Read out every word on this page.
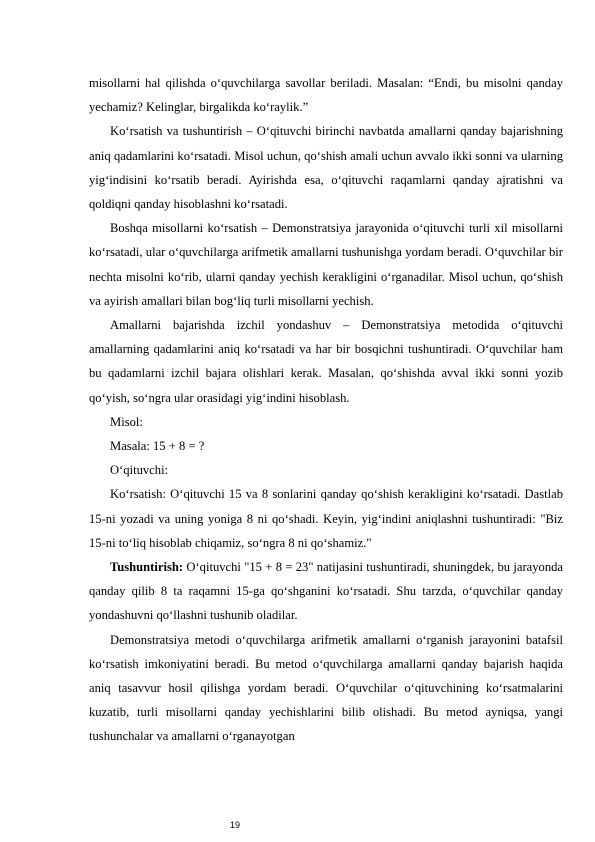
misollarni hal qilishda o‘quvchilarga savollar beriladi. Masalan: “Endi, bu misolni qanday yechamiz? Kelinglar, birgalikda ko‘raylik.”

Ko‘rsatish va tushuntirish – O‘qituvchi birinchi navbatda amallarni qanday bajarishning aniq qadamlarini ko‘rsatadi. Misol uchun, qo‘shish amali uchun avvalo ikki sonni va ularning yig‘indisini ko‘rsatib beradi. Ayirishda esa, o‘qituvchi raqamlarni qanday ajratishni va qoldiqni qanday hisoblashni ko‘rsatadi.

Boshqa misollarni ko‘rsatish – Demonstratsiya jarayonida o‘qituvchi turli xil misollarni ko‘rsatadi, ular o‘quvchilarga arifmetik amallarni tushunishga yordam beradi. O‘quvchilar bir nechta misolni ko‘rib, ularni qanday yechish kerakligini o‘rganadilar. Misol uchun, qo‘shish va ayirish amallari bilan bog‘liq turli misollarni yechish.

Amallarni bajarishda izchil yondashuv – Demonstratsiya metodida o‘qituvchi amallarning qadamlarini aniq ko‘rsatadi va har bir bosqichni tushuntiradi. O‘quvchilar ham bu qadamlarni izchil bajara olishlari kerak. Masalan, qo‘shishda avval ikki sonni yozib qo‘yish, so‘ngra ular orasidagi yig‘indini hisoblash.

Misol:

Masala: 15 + 8 = ?

O‘qituvchi:

Ko‘rsatish: O‘qituvchi 15 va 8 sonlarini qanday qo‘shish kerakligini ko‘rsatadi. Dastlab 15-ni yozadi va uning yoniga 8 ni qo‘shadi. Keyin, yig‘indini aniqlashni tushuntiradi: "Biz 15-ni to‘liq hisoblab chiqamiz, so‘ngra 8 ni qo‘shamiz."

Tushuntirish: O‘qituvchi "15 + 8 = 23" natijasini tushuntiradi, shuningdek, bu jarayonda qanday qilib 8 ta raqamni 15-ga qo‘shganini ko‘rsatadi. Shu tarzda, o‘quvchilar qanday yondashuvni qo‘llashni tushunib oladilar.

Demonstratsiya metodi o‘quvchilarga arifmetik amallarni o‘rganish jarayonini batafsil ko‘rsatish imkoniyatini beradi. Bu metod o‘quvchilarga amallarni qanday bajarish haqida aniq tasavvur hosil qilishga yordam beradi. O‘quvchilar o‘qituvchining ko‘rsatmalarini kuzatib, turli misollarni qanday yechishlarini bilib olishadi. Bu metod ayniqsa, yangi tushunchalar va amallarni o‘rganayotgan

19
